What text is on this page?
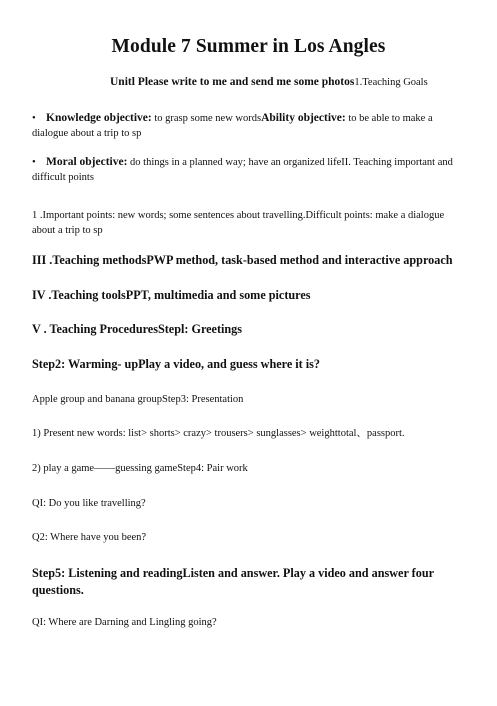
Module 7 Summer in Los Angles
Unitl Please write to me and send me some photos1.Teaching Goals
• Knowledge objective: to grasp some new wordsAbility objective: to be able to make a dialogue about a trip to sp
• Moral objective: do things in a planned way; have an organized lifeII. Teaching important and difficult points
1 .Important points: new words; some sentences about travelling.Difficult points: make a dialogue about a trip to sp
III .Teaching methodsPWP method, task-based method and interactive approach
IV .Teaching toolsPPT, multimedia and some pictures
V . Teaching ProceduresStepl: Greetings
Step2: Warming- upPlay a video, and guess where it is?
Apple group and banana groupStep3: Presentation
1) Present new words: list> shorts> crazy> trousers> sunglasses> weighttotal、passport.
2) play a game——guessing gameStep4: Pair work
QI: Do you like travelling?
Q2: Where have you been?
Step5: Listening and readingListen and answer. Play a video and answer four questions.
QI: Where are Darning and Lingling going?
